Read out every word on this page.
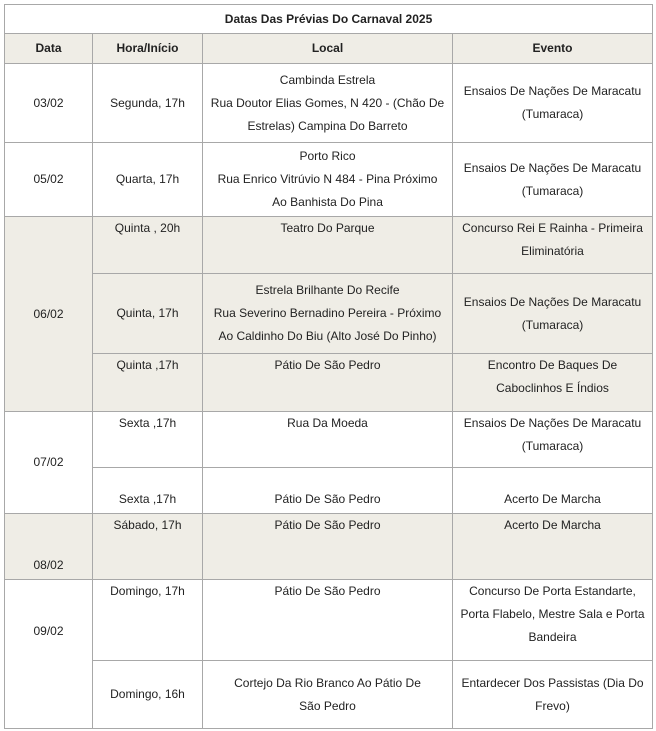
Datas Das Prévias Do Carnaval 2025			
Data	Hora/Início	Local	Evento
03/02	Segunda, 17h	Cambinda Estrela
Rua Doutor Elias Gomes, N 420 - (Chão De
Estrelas) Campina Do Barreto	Ensaios De Nações De Maracatu
(Tumaraca)

05/02	Quarta, 17h	Porto Rico
Rua Enrico Vitrúvio N 484 - Pina Próximo
Ao Banhista Do Pina	Ensaios De Nações De Maracatu
(Tumaraca)

06/02	Quinta , 20h	Teatro Do Parque	Concurso Rei E Rainha - Primeira
Eliminatória

	Quinta, 17h	Estrela Brilhante Do Recife
Rua Severino Bernadino Pereira - Próximo
Ao Caldinho Do Biu (Alto José Do Pinho)	Ensaios De Nações De Maracatu
(Tumaraca)

	Quinta ,17h	Pátio De São Pedro	Encontro De Baques De
Caboclinhos E Índios

07/02	Sexta ,17h	Rua Da Moeda	Ensaios De Nações De Maracatu
(Tumaraca)

	Sexta ,17h	Pátio De São Pedro	Acerto De Marcha

08/02	Sábado, 17h	Pátio De São Pedro	Acerto De Marcha

09/02	Domingo, 17h	Pátio De São Pedro	Concurso De Porta Estandarte,
Porta Flabelo, Mestre Sala e Porta
Bandeira

	Domingo, 16h	Cortejo Da Rio Branco Ao Pátio De
São Pedro	Entardecer Dos Passistas (Dia Do
Frevo)
